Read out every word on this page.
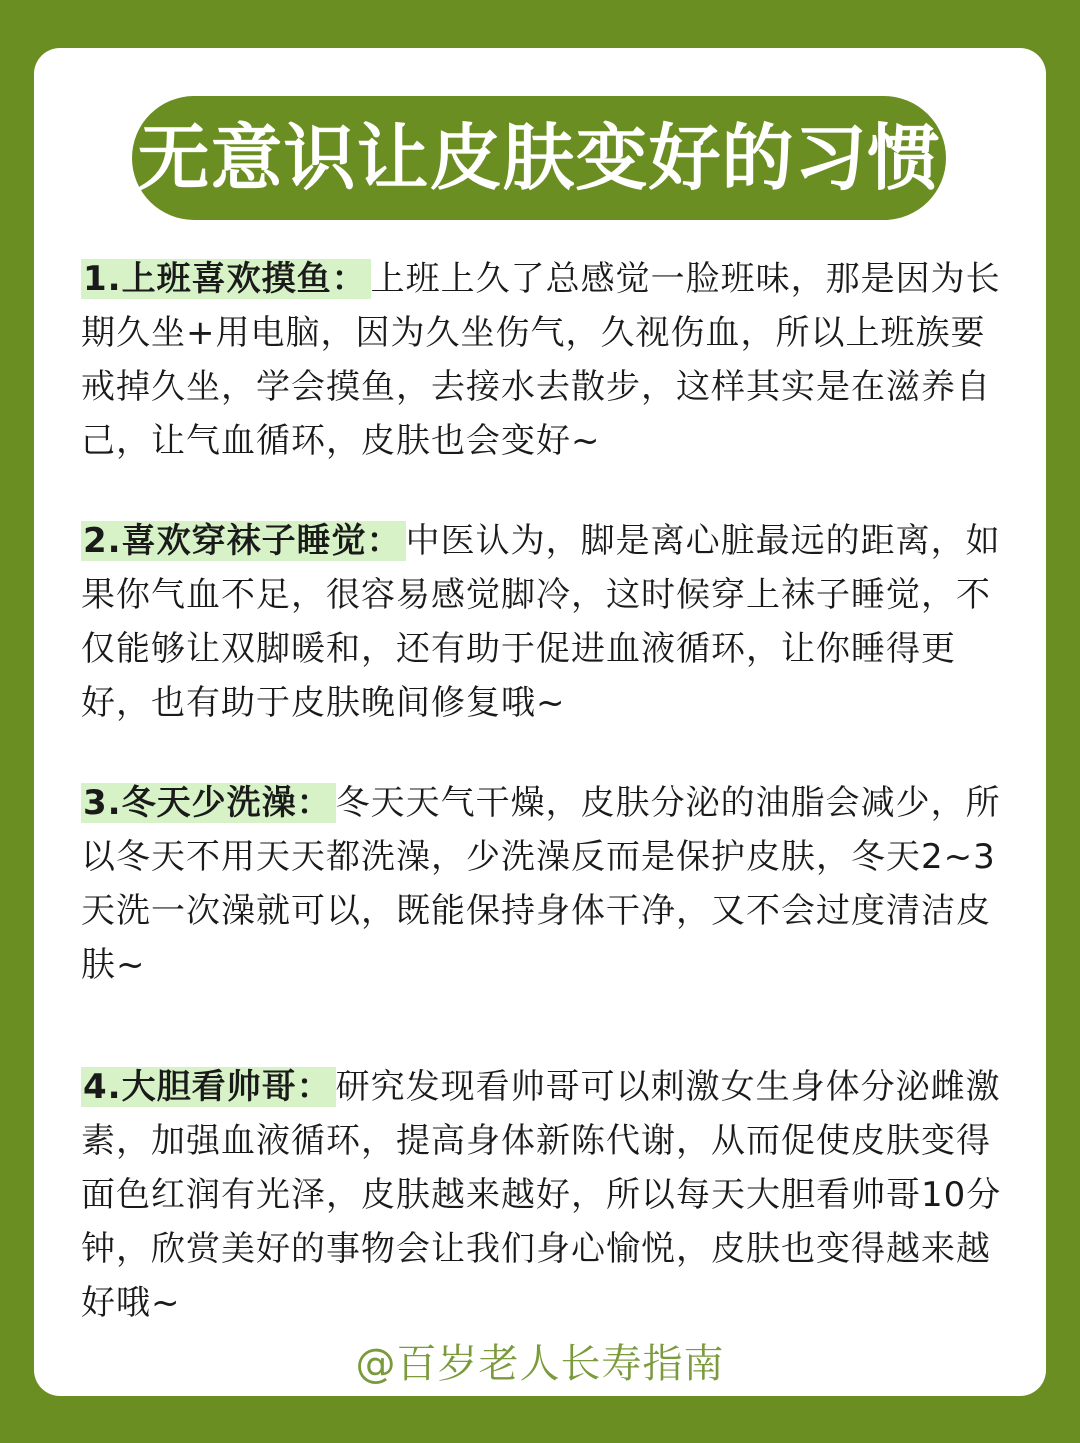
无意识让皮肤变好的习惯
1.上班喜欢摸鱼： 上班上久了总感觉一脸班味，那是因为长期久坐+用电脑，因为久坐伤气，久视伤血，所以上班族要戒掉久坐，学会摸鱼，去接水去散步，这样其实是在滋养自己，让气血循环，皮肤也会变好~
2.喜欢穿袜子睡觉： 中医认为，脚是离心脏最远的距离，如果你气血不足，很容易感觉脚冷，这时候穿上袜子睡觉，不仅能够让双脚暖和，还有助于促进血液循环，让你睡得更好，也有助于皮肤晚间修复哦~
3.冬天少洗澡： 冬天天气干燥，皮肤分泌的油脂会减少，所以冬天不用天天都洗澡，少洗澡反而是保护皮肤，冬天2~3天洗一次澡就可以，既能保持身体干净，又不会过度清洁皮肤~
4.大胆看帅哥： 研究发现看帅哥可以刺激女生身体分泌雌激素，加强血液循环，提高身体新陈代谢，从而促使皮肤变得面色红润有光泽，皮肤越来越好，所以每天大胆看帅哥10分钟，欣赏美好的事物会让我们身心愉悦，皮肤也变得越来越好哦~
@百岁老人长寿指南
